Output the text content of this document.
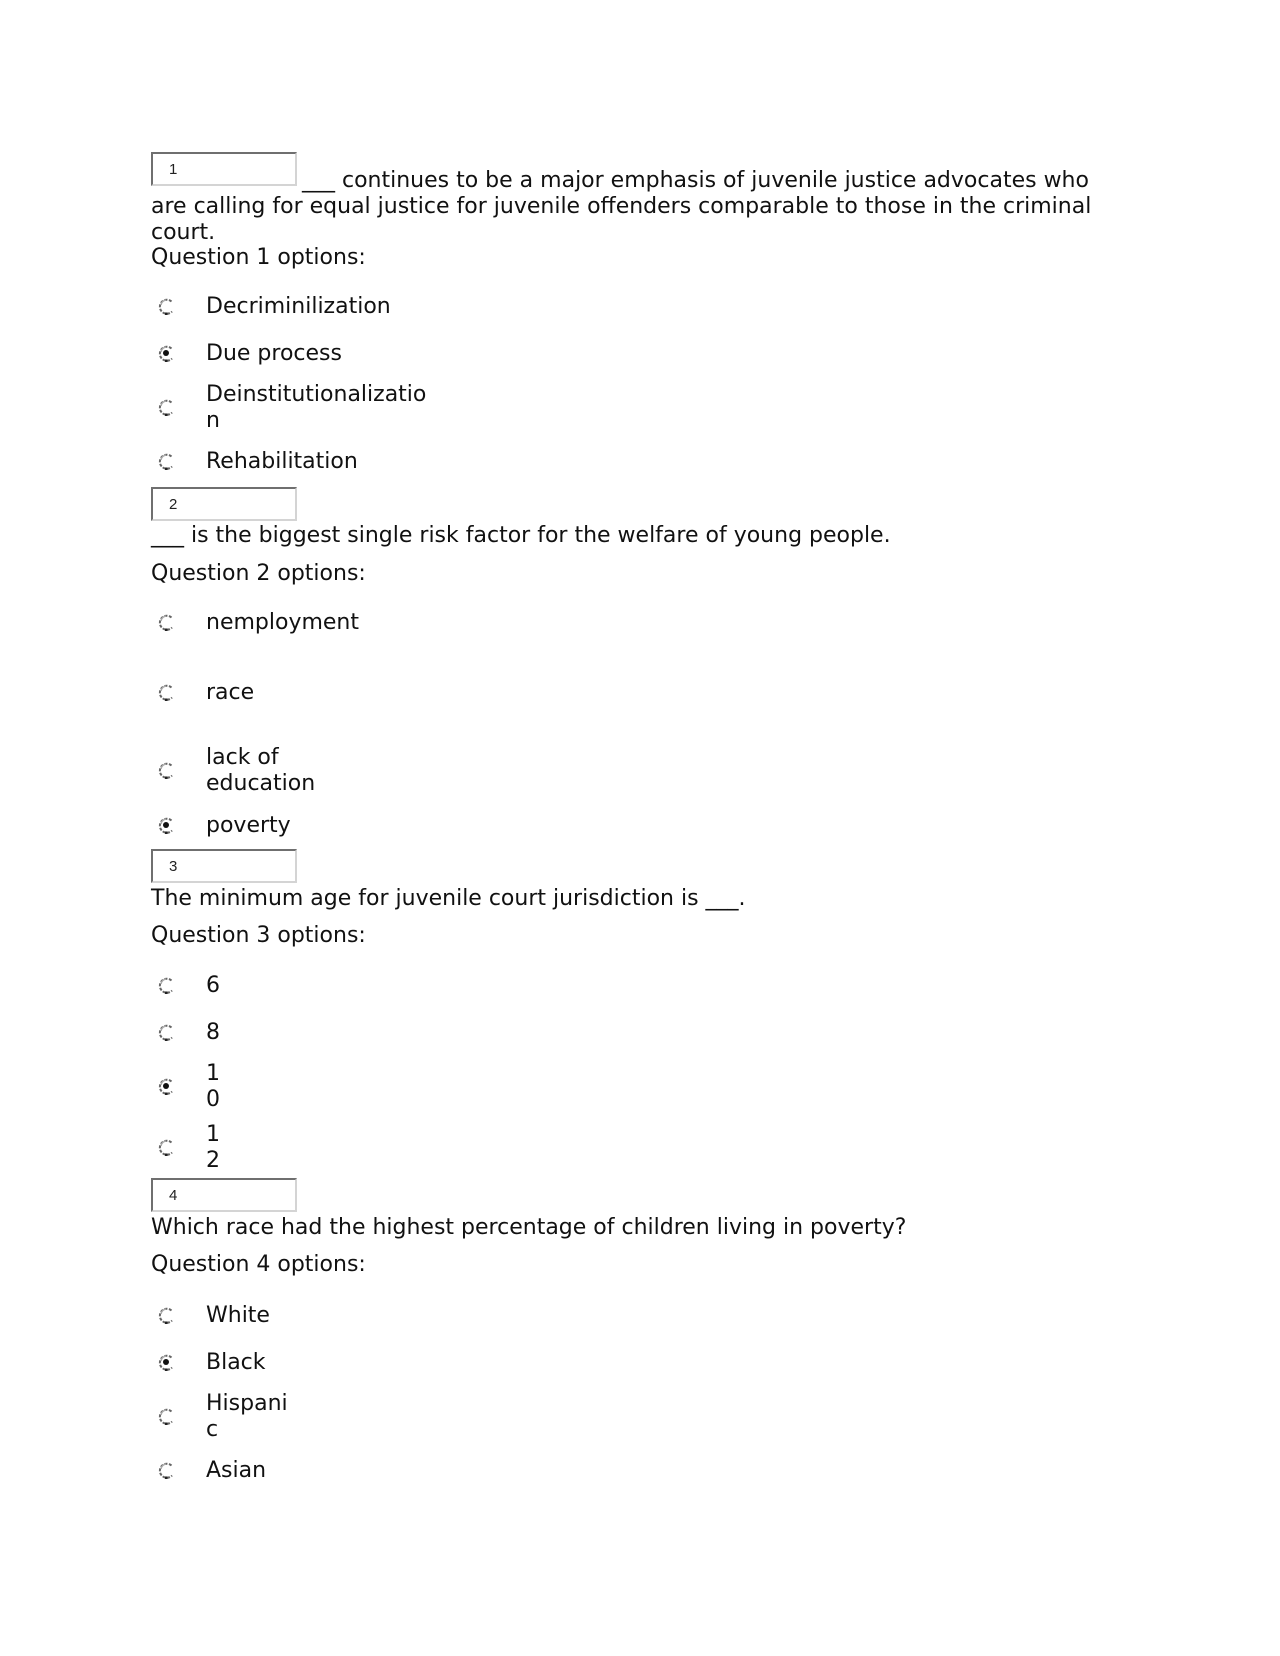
1	___ continues to be a major emphasis of juvenile justice advocates who are calling for equal justice for juvenile offenders comparable to those in the criminal court.
Question 1 options:
Decriminilization
Due process
Deinstitutionalizatio
n
Rehabilitation
2
___ is the biggest single risk factor for the welfare of young people.
Question 2 options:
nemployment
race
lack of
education
poverty
3
The minimum age for juvenile court jurisdiction is ___.
Question 3 options:
6
8
1
0
1
2
4
Which race had the highest percentage of children living in poverty?
Question 4 options:
White
Black
Hispani
c
Asian
